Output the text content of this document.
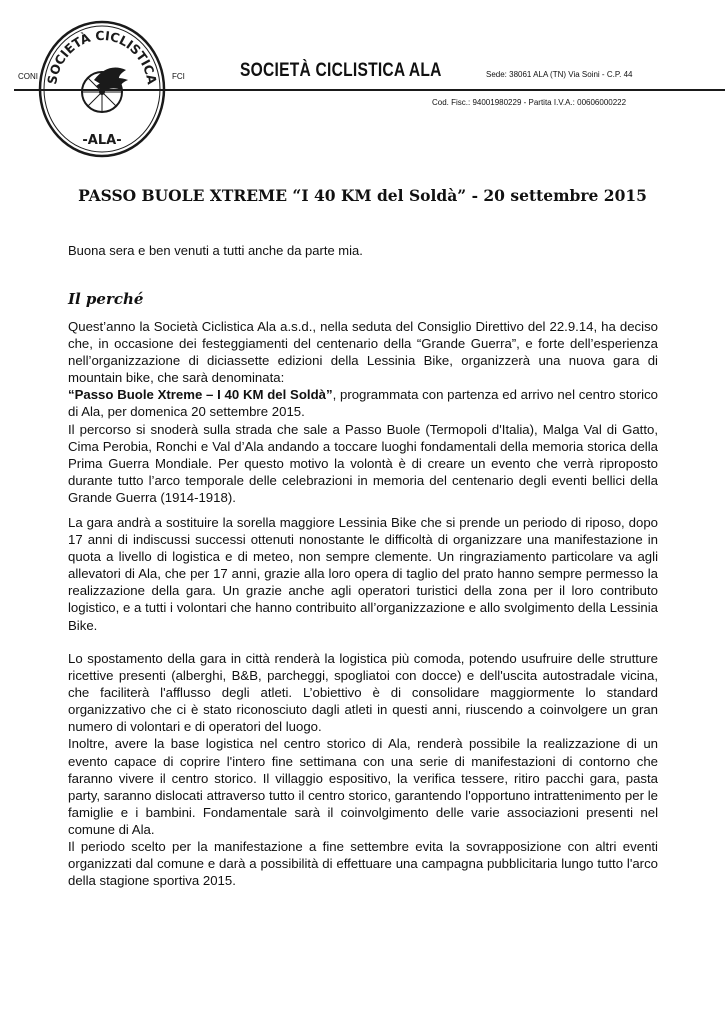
SOCIETÀ CICLISTICA
-ALA-
CONI	FCI	SOCIETÀ CICLISTICA ALA	Sede: 38061 ALA (TN) Via Soini - C.P. 44
Cod. Fisc.: 94001980229 - Partita I.V.A.: 00606000222
PASSO BUOLE XTREME “I 40 KM del Soldà” - 20 settembre 2015

Buona sera e ben venuti a tutti anche da parte mia.

Il perché

Quest’anno la Società Ciclistica Ala a.s.d., nella seduta del Consiglio Direttivo del 22.9.14, ha deciso che, in occasione dei festeggiamenti del centenario della “Grande Guerra”, e forte dell’esperienza nell’organizzazione di diciassette edizioni della Lessinia Bike, organizzerà una nuova gara di mountain bike, che sarà denominata:

“Passo Buole Xtreme – I 40 KM del Soldà”, programmata con partenza ed arrivo nel centro storico di Ala, per domenica 20 settembre 2015.

Il percorso si snoderà sulla strada che sale a Passo Buole (Termopoli d'Italia), Malga Val di Gatto, Cima Perobia, Ronchi e Val d’Ala andando a toccare luoghi fondamentali della memoria storica della Prima Guerra Mondiale. Per questo motivo la volontà è di creare un evento che verrà riproposto durante tutto l’arco temporale delle celebrazioni in memoria del centenario degli eventi bellici della Grande Guerra (1914-1918).

La gara andrà a sostituire la sorella maggiore Lessinia Bike che si prende un periodo di riposo, dopo 17 anni di indiscussi successi ottenuti nonostante le difficoltà di organizzare una manifestazione in quota a livello di logistica e di meteo, non sempre clemente. Un ringraziamento particolare va agli allevatori di Ala, che per 17 anni, grazie alla loro opera di taglio del prato hanno sempre permesso la realizzazione della gara. Un grazie anche agli operatori turistici della zona per il loro contributo logistico, e a tutti i volontari che hanno contribuito all’organizzazione e allo svolgimento della Lessinia Bike.

Lo spostamento della gara in città renderà la logistica più comoda, potendo usufruire delle strutture ricettive presenti (alberghi, B&B, parcheggi, spogliatoi con docce) e dell'uscita autostradale vicina, che faciliterà l'afflusso degli atleti. L’obiettivo è di consolidare maggiormente lo standard organizzativo che ci è stato riconosciuto dagli atleti in questi anni, riuscendo a coinvolgere un gran numero di volontari e di operatori del luogo.

Inoltre, avere la base logistica nel centro storico di Ala, renderà possibile la realizzazione di un evento capace di coprire l'intero fine settimana con una serie di manifestazioni di contorno che faranno vivere il centro storico. Il villaggio espositivo, la verifica tessere, ritiro pacchi gara, pasta party, saranno dislocati attraverso tutto il centro storico, garantendo l'opportuno intrattenimento per le famiglie e i bambini. Fondamentale sarà il coinvolgimento delle varie associazioni presenti nel comune di Ala.

Il periodo scelto per la manifestazione a fine settembre evita la sovrapposizione con altri eventi organizzati dal comune e darà a possibilità di effettuare una campagna pubblicitaria lungo tutto l'arco della stagione sportiva 2015.
